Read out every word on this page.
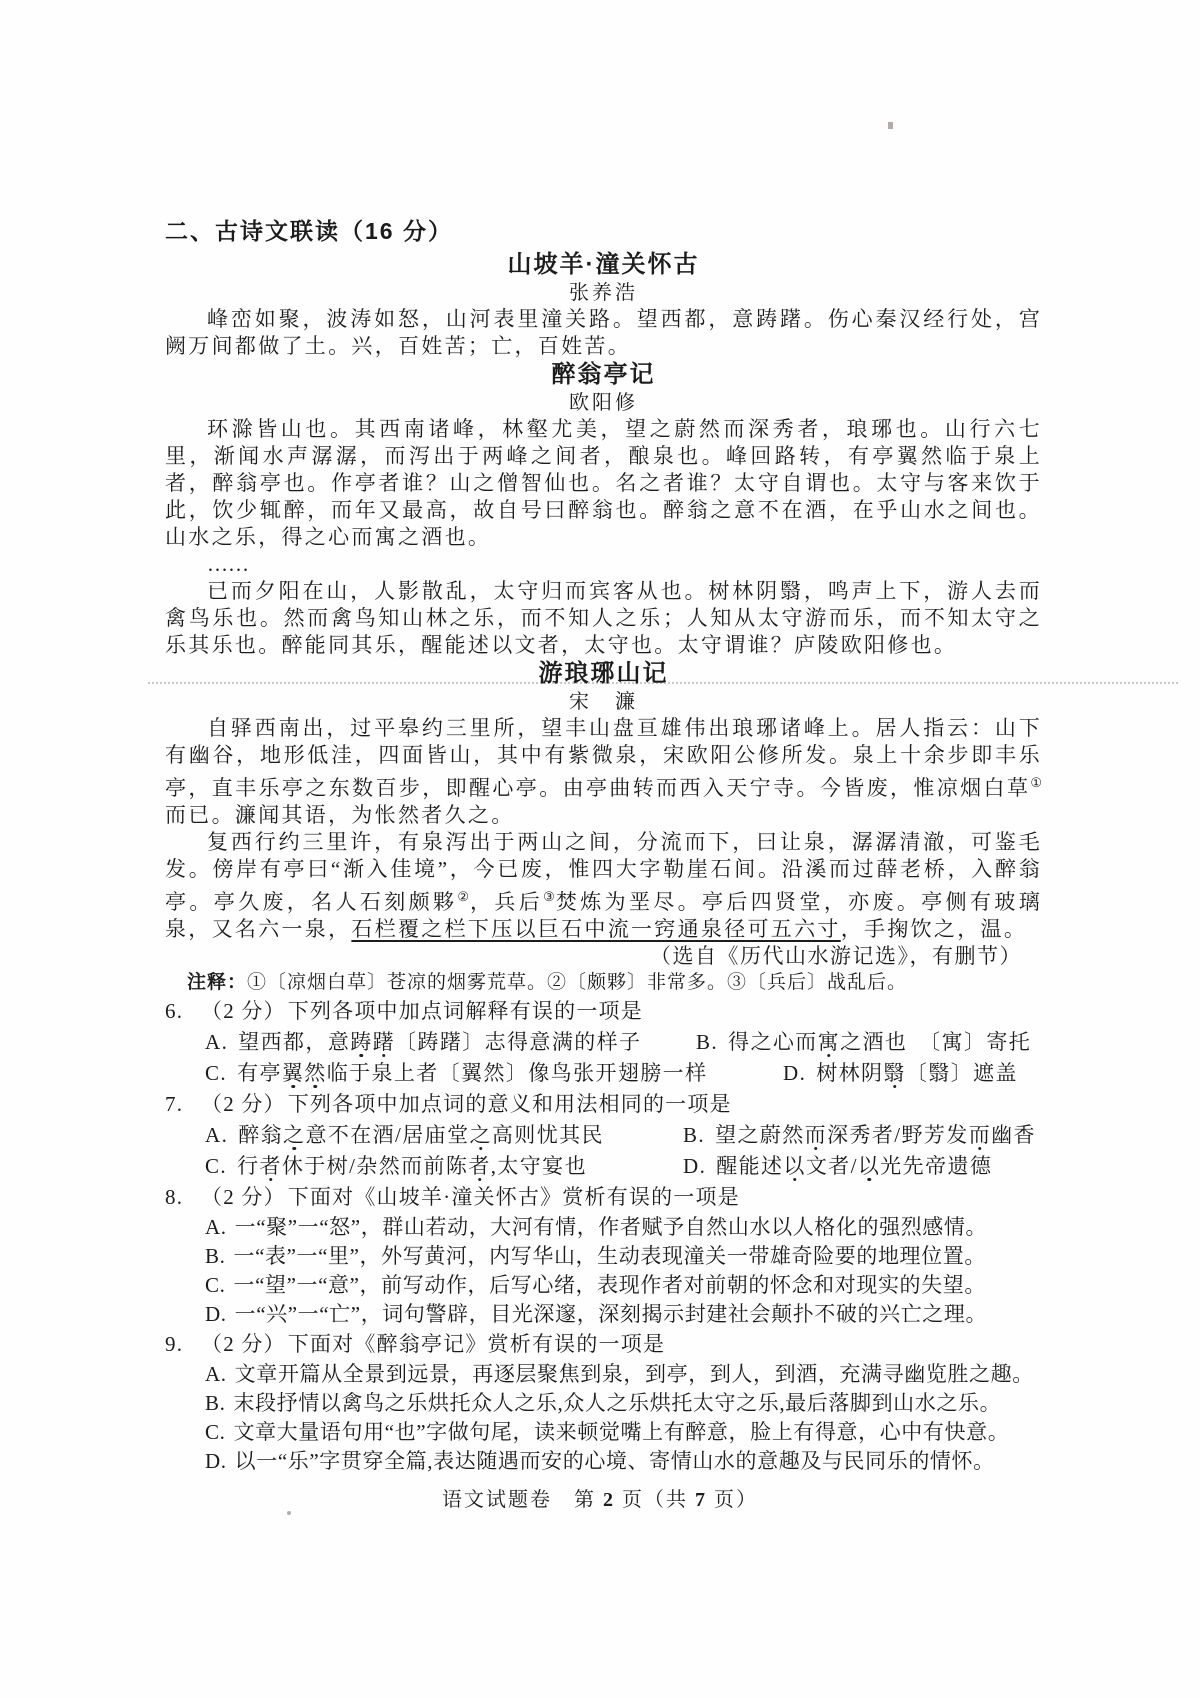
二、古诗文联读（16 分）

山坡羊·潼关怀古

张养浩

峰峦如聚，波涛如怒，山河表里潼关路。望西都，意踌躇。伤心秦汉经行处，宫阙万间都做了土。兴，百姓苦；亡，百姓苦。

醉翁亭记

欧阳修

环滁皆山也。其西南诸峰，林壑尤美，望之蔚然而深秀者，琅琊也。山行六七里，渐闻水声潺潺，而泻出于两峰之间者，酿泉也。峰回路转，有亭翼然临于泉上者，醉翁亭也。作亭者谁？山之僧智仙也。名之者谁？太守自谓也。太守与客来饮于此，饮少辄醉，而年又最高，故自号曰醉翁也。醉翁之意不在酒，在乎山水之间也。山水之乐，得之心而寓之酒也。

……

已而夕阳在山，人影散乱，太守归而宾客从也。树林阴翳，鸣声上下，游人去而禽鸟乐也。然而禽鸟知山林之乐，而不知人之乐；人知从太守游而乐，而不知太守之乐其乐也。醉能同其乐，醒能述以文者，太守也。太守谓谁？庐陵欧阳修也。

游琅琊山记

宋　濂

自驿西南出，过平皋约三里所，望丰山盘亘雄伟出琅琊诸峰上。居人指云：山下有幽谷，地形低洼，四面皆山，其中有紫微泉，宋欧阳公修所发。泉上十余步即丰乐亭，直丰乐亭之东数百步，即醒心亭。由亭曲转而西入天宁寺。今皆废，惟凉烟白草①而已。濂闻其语，为怅然者久之。

复西行约三里许，有泉泻出于两山之间，分流而下，曰让泉，潺潺清澈，可鉴毛发。傍岸有亭曰“渐入佳境”，今已废，惟四大字勒崖石间。沿溪而过薛老桥，入醉翁亭。亭久废，名人石刻颇夥②，兵后③焚炼为垩尽。亭后四贤堂，亦废。亭侧有玻璃泉，又名六一泉，石栏覆之栏下压以巨石中流一窍通泉径可五六寸，手掬饮之，温。

（选自《历代山水游记选》，有删节）

注释：①〔凉烟白草〕苍凉的烟雾荒草。②〔颇夥〕非常多。③〔兵后〕战乱后。

6. （2 分）下列各项中加点词解释有误的一项是

A. 望西都，意踌躇〔踌躇〕志得意满的样子	B. 得之心而寓之酒也　〔寓〕寄托
C. 有亭翼然临于泉上者〔翼然〕像鸟张开翅膀一样	D. 树林阴翳〔翳〕遮盖

7. （2 分）下列各项中加点词的意义和用法相同的一项是

A. 醉翁之意不在酒/居庙堂之高则忧其民	B. 望之蔚然而深秀者/野芳发而幽香
C. 行者休于树/杂然而前陈者,太守宴也	D. 醒能述以文者/以光先帝遗德

8. （2 分）下面对《山坡羊·潼关怀古》赏析有误的一项是

A. 一“聚”一“怒”，群山若动，大河有情，作者赋予自然山水以人格化的强烈感情。
B. 一“表”一“里”，外写黄河，内写华山，生动表现潼关一带雄奇险要的地理位置。
C. 一“望”一“意”，前写动作，后写心绪，表现作者对前朝的怀念和对现实的失望。
D. 一“兴”一“亡”，词句警辟，目光深邃，深刻揭示封建社会颠扑不破的兴亡之理。

9. （2 分）下面对《醉翁亭记》赏析有误的一项是

A. 文章开篇从全景到远景，再逐层聚焦到泉，到亭，到人，到酒，充满寻幽览胜之趣。
B. 末段抒情以禽鸟之乐烘托众人之乐,众人之乐烘托太守之乐,最后落脚到山水之乐。
C. 文章大量语句用“也”字做句尾，读来顿觉嘴上有醉意，脸上有得意，心中有快意。
D. 以一“乐”字贯穿全篇,表达随遇而安的心境、寄情山水的意趣及与民同乐的情怀。
语文试题卷　第 2 页（共 7 页）
